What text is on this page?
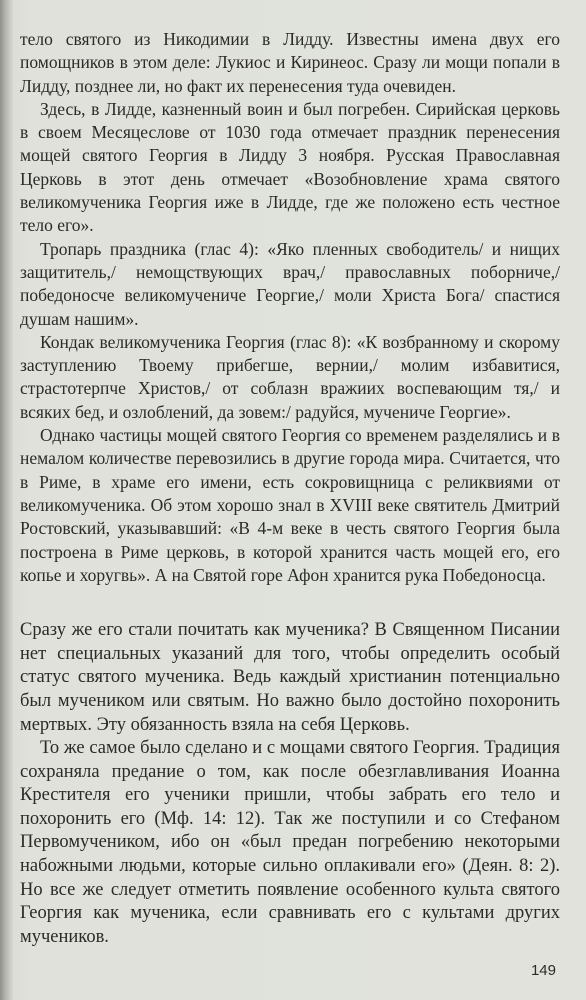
тело святого из Никодимии в Лидду. Известны имена двух его помощников в этом деле: Лукиос и Киринеос. Сразу ли мощи попали в Лидду, позднее ли, но факт их перенесения туда очевиден.

Здесь, в Лидде, казненный воин и был погребен. Сирийская церковь в своем Месяцеслове от 1030 года отмечает праздник перенесения мощей святого Георгия в Лидду 3 ноября. Русская Православная Церковь в этот день отмечает «Возобновление храма святого великомученика Георгия иже в Лидде, где же положено есть честное тело его».

Тропарь праздника (глас 4): «Яко пленных свободитель/ и нищих защититель,/ немощствующих врач,/ православных поборниче,/ победоносче великомучениче Георгие,/ моли Христа Бога/ спастися душам нашим».

Кондак великомученика Георгия (глас 8): «К возбранному и скорому заступлению Твоему прибегше, вернии,/ молим избавитися, страстотерпче Христов,/ от соблазн вражиих воспевающим тя,/ и всяких бед, и озлоблений, да зовем:/ радуйся, мучениче Георгие».

Однако частицы мощей святого Георгия со временем разделялись и в немалом количестве перевозились в другие города мира. Считается, что в Риме, в храме его имени, есть сокровищница с реликвиями от великомученика. Об этом хорошо знал в XVIII веке святитель Дмитрий Ростовский, указывавший: «В 4-м веке в честь святого Георгия была построена в Риме церковь, в которой хранится часть мощей его, его копье и хоругвь». А на Святой горе Афон хранится рука Победоносца.

Сразу же его стали почитать как мученика? В Священном Писании нет специальных указаний для того, чтобы определить особый статус святого мученика. Ведь каждый христианин потенциально был мучеником или святым. Но важно было достойно похоронить мертвых. Эту обязанность взяла на себя Церковь.

То же самое было сделано и с мощами святого Георгия. Традиция сохраняла предание о том, как после обезглавливания Иоанна Крестителя его ученики пришли, чтобы забрать его тело и похоронить его (Мф. 14: 12). Так же поступили и со Стефаном Первомучеником, ибо он «был предан погребению некоторыми набожными людьми, которые сильно оплакивали его» (Деян. 8: 2). Но все же следует отметить появление особенного культа святого Георгия как мученика, если сравнивать его с культами других мучеников.

149
